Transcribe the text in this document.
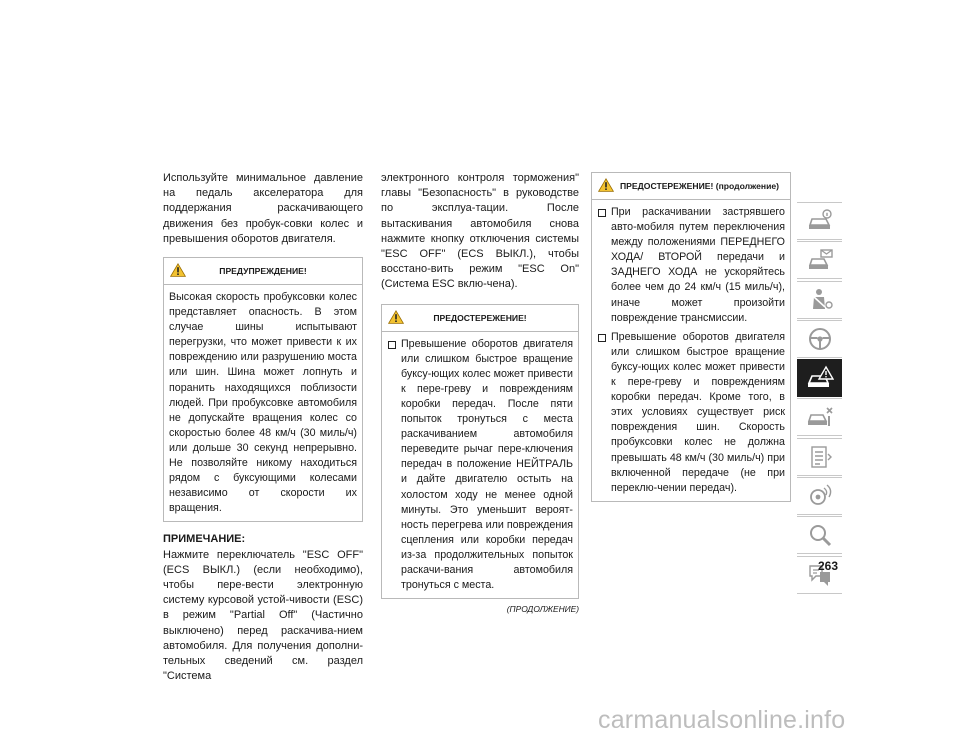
Используйте минимальное давление на педаль акселератора для поддержания раскачивающего движения без пробук-совки колес и превышения оборотов двигателя.

ПРЕДУПРЕЖДЕНИЕ!

Высокая скорость пробуксовки колес представляет опасность. В этом случае шины испытывают перегрузки, что может привести к их повреждению или разрушению моста или шин. Шина может лопнуть и поранить находящихся поблизости людей. При пробуксовке автомобиля не допускайте вращения колес со скоростью более 48 км/ч (30 миль/ч) или дольше 30 секунд непрерывно. Не позволяйте никому находиться рядом с буксующими колесами независимо от скорости их вращения.

ПРИМЕЧАНИЕ:

Нажмите переключатель "ESC OFF" (ECS ВЫКЛ.) (если необходимо), чтобы пере-вести электронную систему курсовой устой-чивости (ESC) в режим "Partial Off" (Частично выключено) перед раскачива-нием автомобиля. Для получения дополни-тельных сведений см. раздел "Система

электронного контроля торможения" главы "Безопасность" в руководстве по эксплуа-тации. После вытаскивания автомобиля снова нажмите кнопку отключения системы "ESC OFF" (ECS ВЫКЛ.), чтобы восстано-вить режим "ESC On" (Система ESC вклю-чена).

ПРЕДОСТЕРЕЖЕНИЕ!
Превышение оборотов двигателя или слишком быстрое вращение буксу-ющих колес может привести к пере-греву и повреждениям коробки передач. После пяти попыток тронуться с места раскачиванием автомобиля переведите рычаг пере-ключения передач в положение НЕЙТРАЛЬ и дайте двигателю остыть на холостом ходу не менее одной минуты. Это уменьшит вероят-ность перегрева или повреждения сцепления или коробки передач из-за продолжительных попыток раскачи-вания автомобиля тронуться с места.
(ПРОДОЛЖЕНИЕ)
ПРЕДОСТЕРЕЖЕНИЕ! (продолжение)
При раскачивании застрявшего авто-мобиля путем переключения между положениями ПЕРЕДНЕГО ХОДА/ ВТОРОЙ передачи и ЗАДНЕГО ХОДА не ускоряйтесь более чем до 24 км/ч (15 миль/ч), иначе может произойти повреждение трансмиссии.
Превышение оборотов двигателя или слишком быстрое вращение буксу-ющих колес может привести к пере-греву и повреждениям коробки передач. Кроме того, в этих условиях существует риск повреждения шин. Скорость пробуксовки колес не должна превышать 48 км/ч (30 миль/ч) при включенной передаче (не при переклю-чении передач).
263
carmanualsonline.info
